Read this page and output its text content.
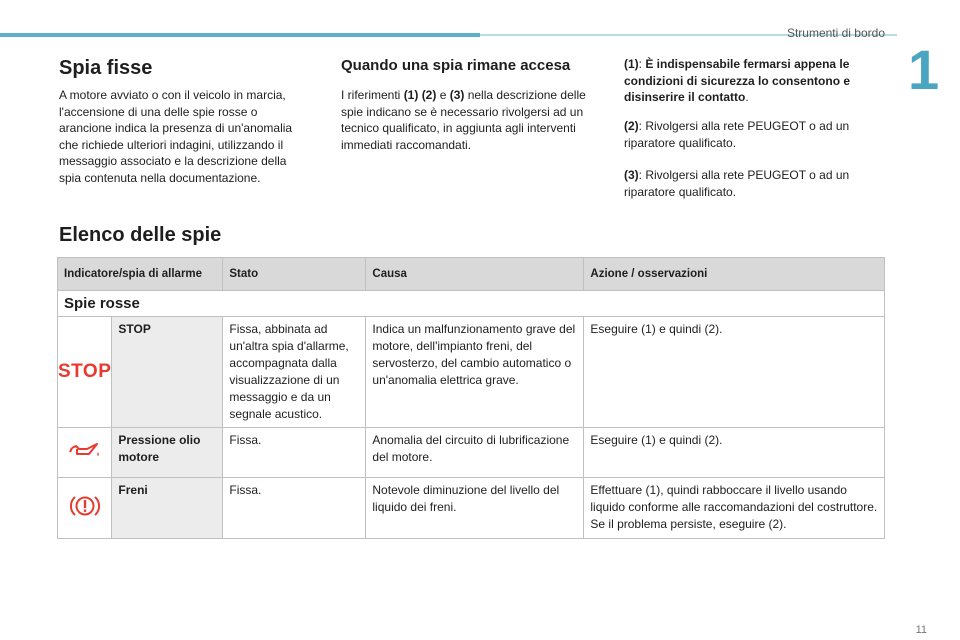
Strumenti di bordo
1
11
Spia fisse
A motore avviato o con il veicolo in marcia, l'accensione di una delle spie rosse o arancione indica la presenza di un'anomalia che richiede ulteriori indagini, utilizzando il messaggio associato e la descrizione della spia contenuta nella documentazione.
Quando una spia rimane accesa
I riferimenti (1) (2) e (3) nella descrizione delle spie indicano se è necessario rivolgersi ad un tecnico qualificato, in aggiunta agli interventi immediati raccomandati.
(1): È indispensabile fermarsi appena le condizioni di sicurezza lo consentono e disinserire il contatto.
(2): Rivolgersi alla rete PEUGEOT o ad un riparatore qualificato.
(3): Rivolgersi alla rete PEUGEOT o ad un riparatore qualificato.
Elenco delle spie
Indicatore/spia di allarme		Stato	Causa	Azione / osservazioni
Spie rosse				
STOP	STOP	Fissa, abbinata ad un'altra spia d'allarme, accompagnata dalla visualizzazione di un messaggio e da un segnale acustico.	Indica un malfunzionamento grave del motore, dell'impianto freni, del servosterzo, del cambio automatico o un'anomalia elettrica grave.	Eseguire (1) e quindi (2).
	Pressione olio motore	Fissa.	Anomalia del circuito di lubrificazione del motore.	Eseguire (1) e quindi (2).
	Freni	Fissa.	Notevole diminuzione del livello del liquido dei freni.	Effettuare (1), quindi rabboccare il livello usando liquido conforme alle raccomandazioni del costruttore. Se il problema persiste, eseguire (2).
